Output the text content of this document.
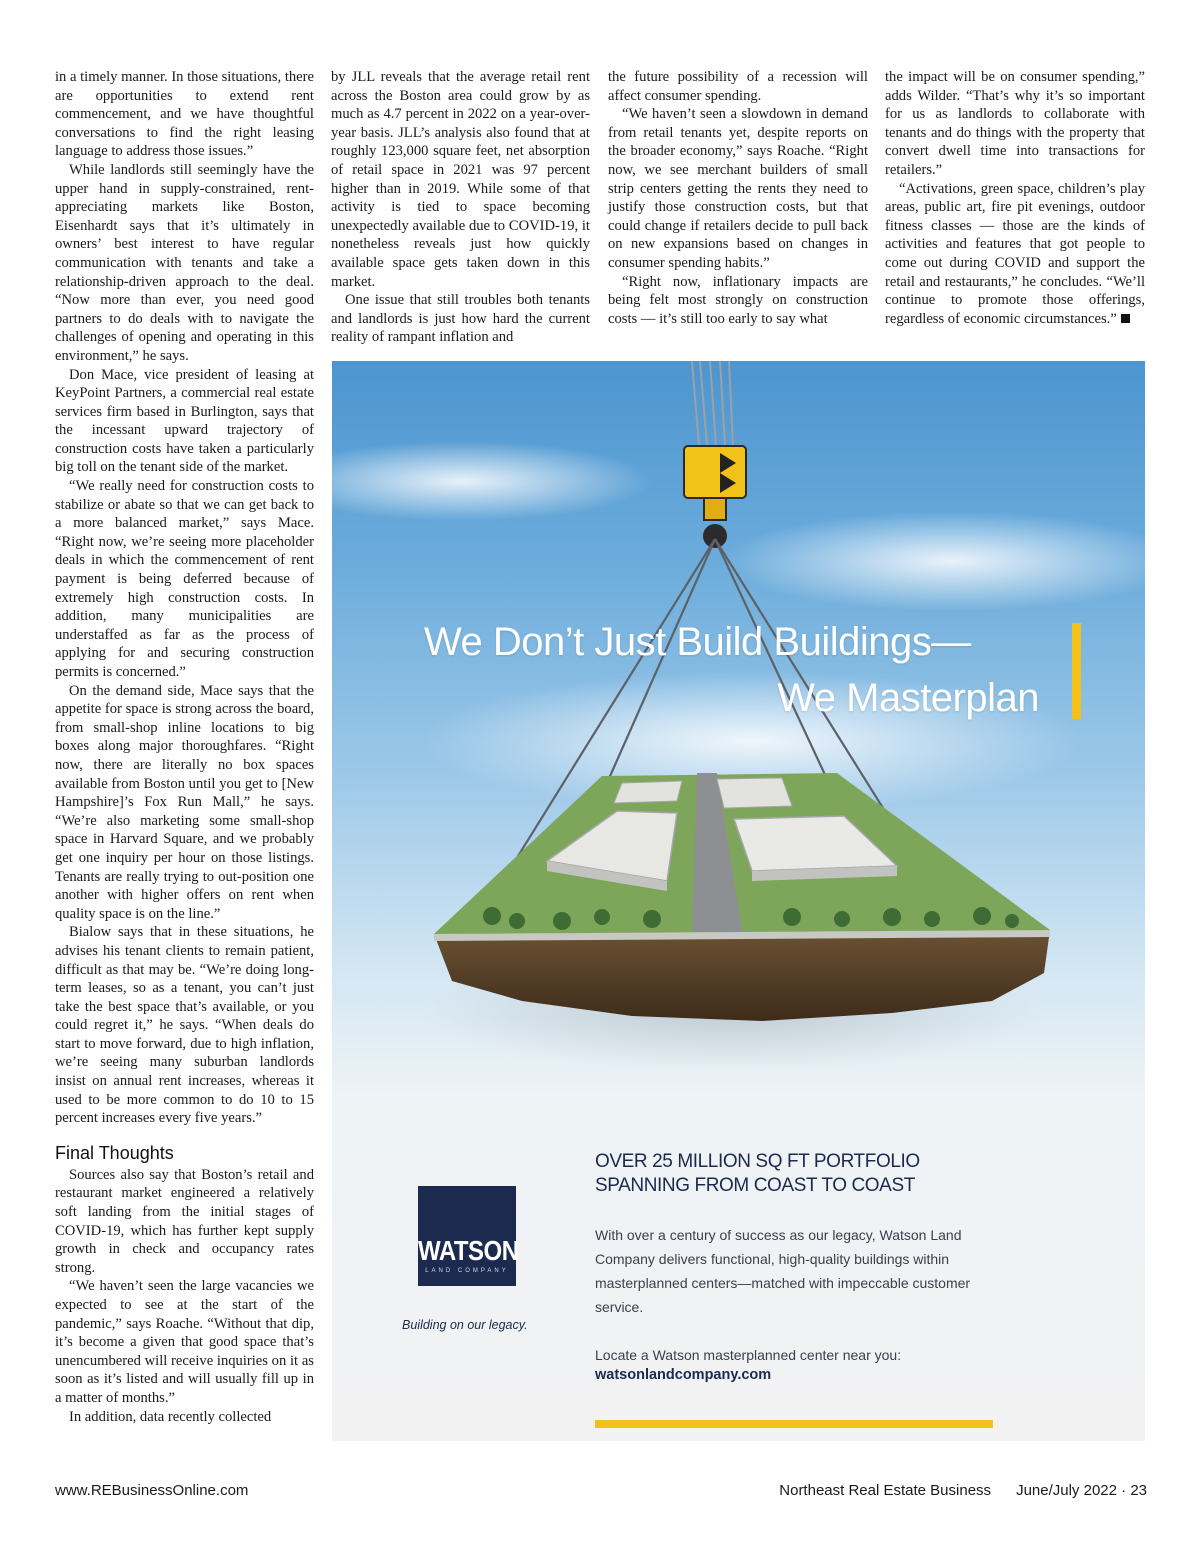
in a timely manner. In those situations, there are opportunities to extend rent commencement, and we have thoughtful conversations to find the right leasing language to address those issues.”

While landlords still seemingly have the upper hand in supply-constrained, rent-appreciating markets like Boston, Eisenhardt says that it’s ultimately in owners’ best interest to have regular communication with tenants and take a relationship-driven approach to the deal. “Now more than ever, you need good partners to do deals with to navigate the challenges of opening and operating in this environment,” he says.

Don Mace, vice president of leasing at KeyPoint Partners, a commercial real estate services firm based in Burlington, says that the incessant upward trajectory of construction costs have taken a particularly big toll on the tenant side of the market.

“We really need for construction costs to stabilize or abate so that we can get back to a more balanced market,” says Mace. “Right now, we’re seeing more placeholder deals in which the commencement of rent payment is being deferred because of extremely high construction costs. In addition, many municipalities are understaffed as far as the process of applying for and securing construction permits is concerned.”

On the demand side, Mace says that the appetite for space is strong across the board, from small-shop inline locations to big boxes along major thoroughfares. “Right now, there are literally no box spaces available from Boston until you get to [New Hampshire]’s Fox Run Mall,” he says. “We’re also marketing some small-shop space in Harvard Square, and we probably get one inquiry per hour on those listings. Tenants are really trying to out-position one another with higher offers on rent when quality space is on the line.”

Bialow says that in these situations, he advises his tenant clients to remain patient, difficult as that may be. “We’re doing long-term leases, so as a tenant, you can’t just take the best space that’s available, or you could regret it,” he says. “When deals do start to move forward, due to high inflation, we’re seeing many suburban landlords insist on annual rent increases, whereas it used to be more common to do 10 to 15 percent increases every five years.”

Final Thoughts

Sources also say that Boston’s retail and restaurant market engineered a relatively soft landing from the initial stages of COVID-19, which has further kept supply growth in check and occupancy rates strong.

“We haven’t seen the large vacancies we expected to see at the start of the pandemic,” says Roache. “Without that dip, it’s become a given that good space that’s unencumbered will receive inquiries on it as soon as it’s listed and will usually fill up in a matter of months.”

In addition, data recently collected

by JLL reveals that the average retail rent across the Boston area could grow by as much as 4.7 percent in 2022 on a year-over-year basis. JLL’s analysis also found that at roughly 123,000 square feet, net absorption of retail space in 2021 was 97 percent higher than in 2019. While some of that activity is tied to space becoming unexpectedly available due to COVID-19, it nonetheless reveals just how quickly available space gets taken down in this market.

One issue that still troubles both tenants and landlords is just how hard the current reality of rampant inflation and

the future possibility of a recession will affect consumer spending.

“We haven’t seen a slowdown in demand from retail tenants yet, despite reports on the broader economy,” says Roache. “Right now, we see merchant builders of small strip centers getting the rents they need to justify those construction costs, but that could change if retailers decide to pull back on new expansions based on changes in consumer spending habits.”

“Right now, inflationary impacts are being felt most strongly on construction costs — it’s still too early to say what

the impact will be on consumer spending,” adds Wilder. “That’s why it’s so important for us as landlords to collaborate with tenants and do things with the property that convert dwell time into transactions for retailers.”

“Activations, green space, children’s play areas, public art, fire pit evenings, outdoor fitness classes — those are the kinds of activities and features that got people to come out during COVID and support the retail and restaurants,” he concludes. “We’ll continue to promote those offerings, regardless of economic circumstances.”

We Don’t Just Build Buildings—
We Masterplan
WATSON
LAND COMPANY
Building on our legacy.
OVER 25 MILLION SQ FT PORTFOLIO
SPANNING FROM COAST TO COAST
With over a century of success as our legacy, Watson Land Company delivers functional, high-quality buildings within masterplanned centers—matched with impeccable customer service.
Locate a Watson masterplanned center near you:
watsonlandcompany.com
www.REBusinessOnline.com	Northeast Real Estate Business June/July 2022 · 23
